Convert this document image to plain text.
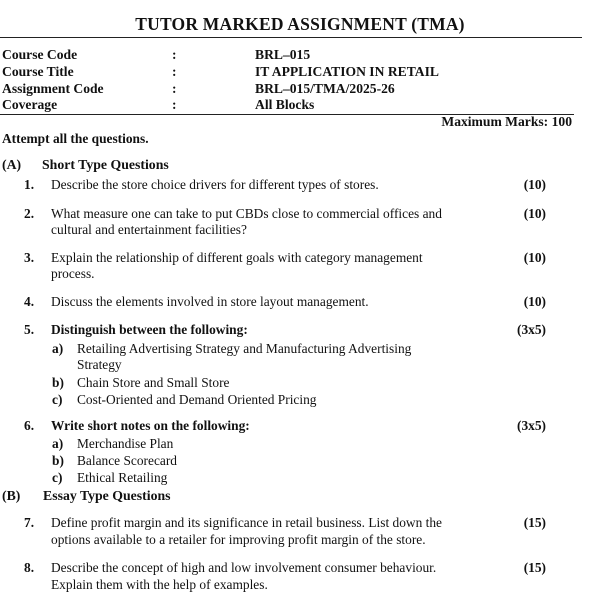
TUTOR MARKED ASSIGNMENT (TMA)
Course Code	:	BRL–015
Course Title	:	IT APPLICATION IN RETAIL
Assignment Code	:	BRL–015/TMA/2025-26
Coverage	:	All Blocks
Maximum Marks: 100
Attempt all the questions.
(A) Short Type Questions
1. Describe the store choice drivers for different types of stores.	(10)
2. What measure one can take to put CBDs close to commercial offices and
cultural and entertainment facilities?
(10)
3. Explain the relationship of different goals with category management
process.
(10)
4. Discuss the elements involved in store layout management.	(10)
5. Distinguish between the following:	(3x5)
a) Retailing Advertising Strategy and Manufacturing Advertising
Strategy
b) Chain Store and Small Store
c) Cost-Oriented and Demand Oriented Pricing
6. Write short notes on the following:	(3x5)
a) Merchandise Plan
b) Balance Scorecard
c) Ethical Retailing
(B) Essay Type Questions
7. Define profit margin and its significance in retail business. List down the
options available to a retailer for improving profit margin of the store.
(15)
8. Describe the concept of high and low involvement consumer behaviour.
Explain them with the help of examples.
(15)
